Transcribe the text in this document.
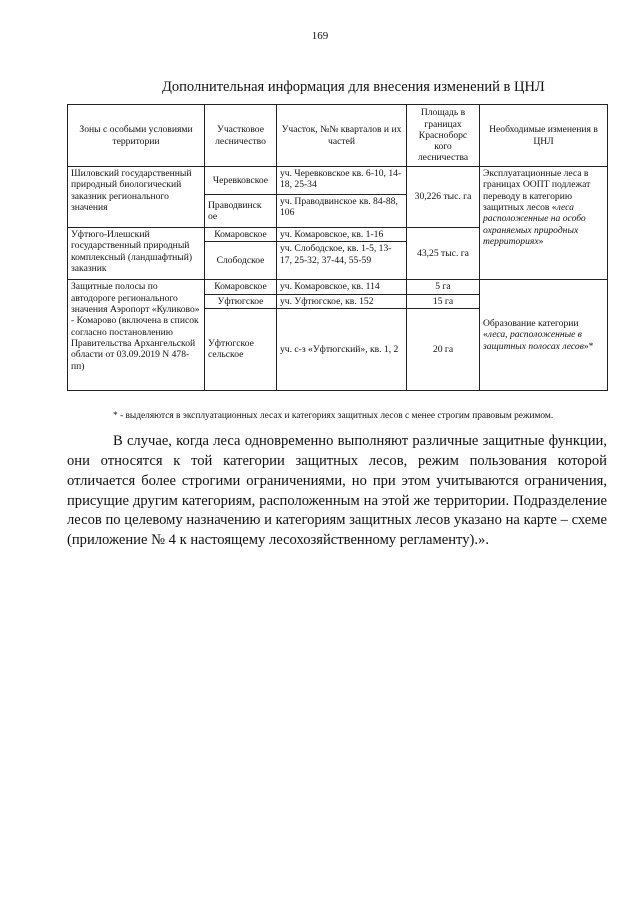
169
Дополнительная информация для внесения изменений в ЦНЛ
Зоны с особыми условиями территории	Участковое лесничество	Участок, №№ кварталов и их частей	Площадь в границах Красноборс кого лесничества	Необходимые изменения в ЦНЛ
Шиловский государственный природный биологический заказник регионального значения	Черевковское	уч. Черевковское кв. 6-10, 14-18, 25-34	30,226 тыс. га	Эксплуатационные леса в границах ООПТ подлежат переводу в категорию защитных лесов «леса расположенные на особо охраняемых природных территориях»

	Праводвинск ое	уч. Праводвинское кв. 84-88, 106		
Уфтюго-Илешский государственный природный комплексный (ландшафтный) заказник	Комаровское	уч. Комаровское, кв. 1-16	43,25 тыс. га	
	Слободское	уч. Слободское, кв. 1-5, 13-17, 25-32, 37-44, 55-59		
Защитные полосы по автодороге регионального значения Аэропорт «Куликово» - Комарово (включена в список согласно постановлению Правительства Архангельской области от 03.09.2019 N 478-пп)	Комаровское	уч. Комаровское, кв. 114	5 га	Образование категории «леса, расположенные в защитных полосах лесов»*

	Уфтюгское	уч. Уфтюгское, кв. 152	15 га	
	Уфтюгское сельское	уч. с-з «Уфтюгский», кв. 1, 2	20 га	
* - выделяются в эксплуатационных лесах и категориях защитных лесов с менее строгим правовым режимом.
В случае, когда леса одновременно выполняют различные защитные функции, они относятся к той категории защитных лесов, режим пользования которой отличается более строгими ограничениями, но при этом учитываются ограничения, присущие другим категориям, расположенным на этой же территории. Подразделение лесов по целевому назначению и категориям защитных лесов указано на карте – схеме (приложение № 4 к настоящему лесохозяйственному регламенту).».
